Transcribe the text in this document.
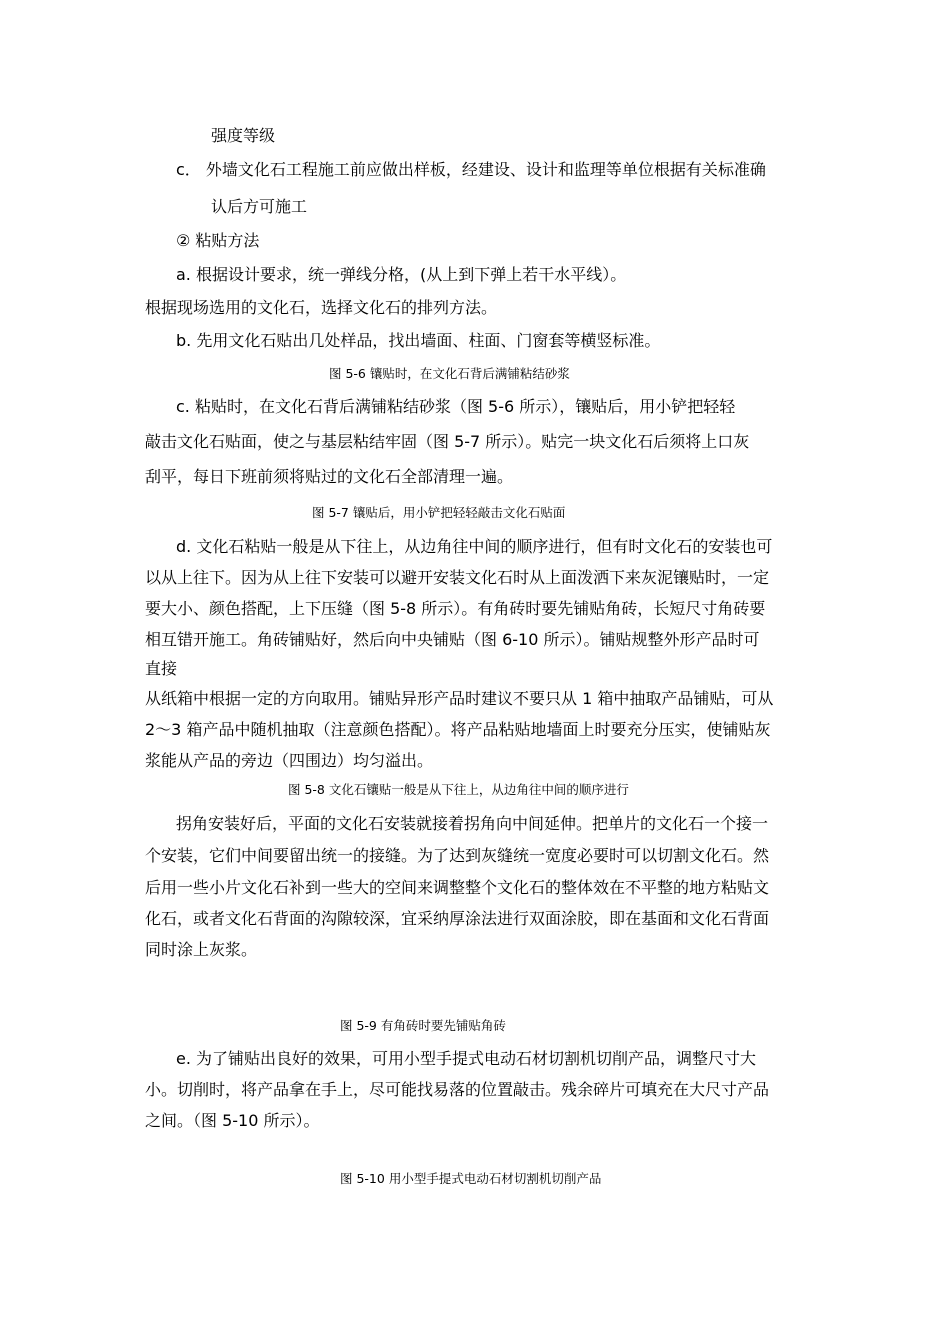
强度等级
c． 外墙文化石工程施工前应做出样板，经建设、设计和监理等单位根据有关标准确
认后方可施工
② 粘贴方法
a. 根据设计要求，统一弹线分格，(从上到下弹上若干水平线）。
根据现场选用的文化石，选择文化石的排列方法。
b. 先用文化石贴出几处样品，找出墙面、柱面、门窗套等横竖标准。
图 5-6 镶贴时，在文化石背后满铺粘结砂浆
c. 粘贴时，在文化石背后满铺粘结砂浆（图 5-6 所示），镶贴后，用小铲把轻轻
敲击文化石贴面，使之与基层粘结牢固（图 5-7 所示）。贴完一块文化石后须将上口灰
刮平，每日下班前须将贴过的文化石全部清理一遍。
图 5-7 镶贴后，用小铲把轻轻敲击文化石贴面
d. 文化石粘贴一般是从下往上，从边角往中间的顺序进行，但有时文化石的安装也可
以从上往下。因为从上往下安装可以避开安装文化石时从上面泼洒下来灰泥镶贴时，一定
要大小、颜色搭配，上下压缝（图 5-8 所示）。有角砖时要先铺贴角砖，长短尺寸角砖要
相互错开施工。角砖铺贴好，然后向中央铺贴（图 6-10 所示）。铺贴规整外形产品时可
直接
从纸箱中根据一定的方向取用。铺贴异形产品时建议不要只从 1 箱中抽取产品铺贴，可从
2～3 箱产品中随机抽取（注意颜色搭配）。将产品粘贴地墙面上时要充分压实，使铺贴灰
浆能从产品的旁边（四围边）均匀溢出。
图 5-8 文化石镶贴一般是从下往上，从边角往中间的顺序进行
拐角安装好后，平面的文化石安装就接着拐角向中间延伸。把单片的文化石一个接一
个安装，它们中间要留出统一的接缝。为了达到灰缝统一宽度必要时可以切割文化石。然
后用一些小片文化石补到一些大的空间来调整整个文化石的整体效在不平整的地方粘贴文
化石，或者文化石背面的沟隙较深，宜采纳厚涂法进行双面涂胶，即在基面和文化石背面
同时涂上灰浆。
图 5-9 有角砖时要先铺贴角砖
e. 为了铺贴出良好的效果，可用小型手提式电动石材切割机切削产品，调整尺寸大
小。切削时，将产品拿在手上，尽可能找易落的位置敲击。残余碎片可填充在大尺寸产品
之间。（图 5-10 所示）。
图 5-10 用小型手提式电动石材切割机切削产品
